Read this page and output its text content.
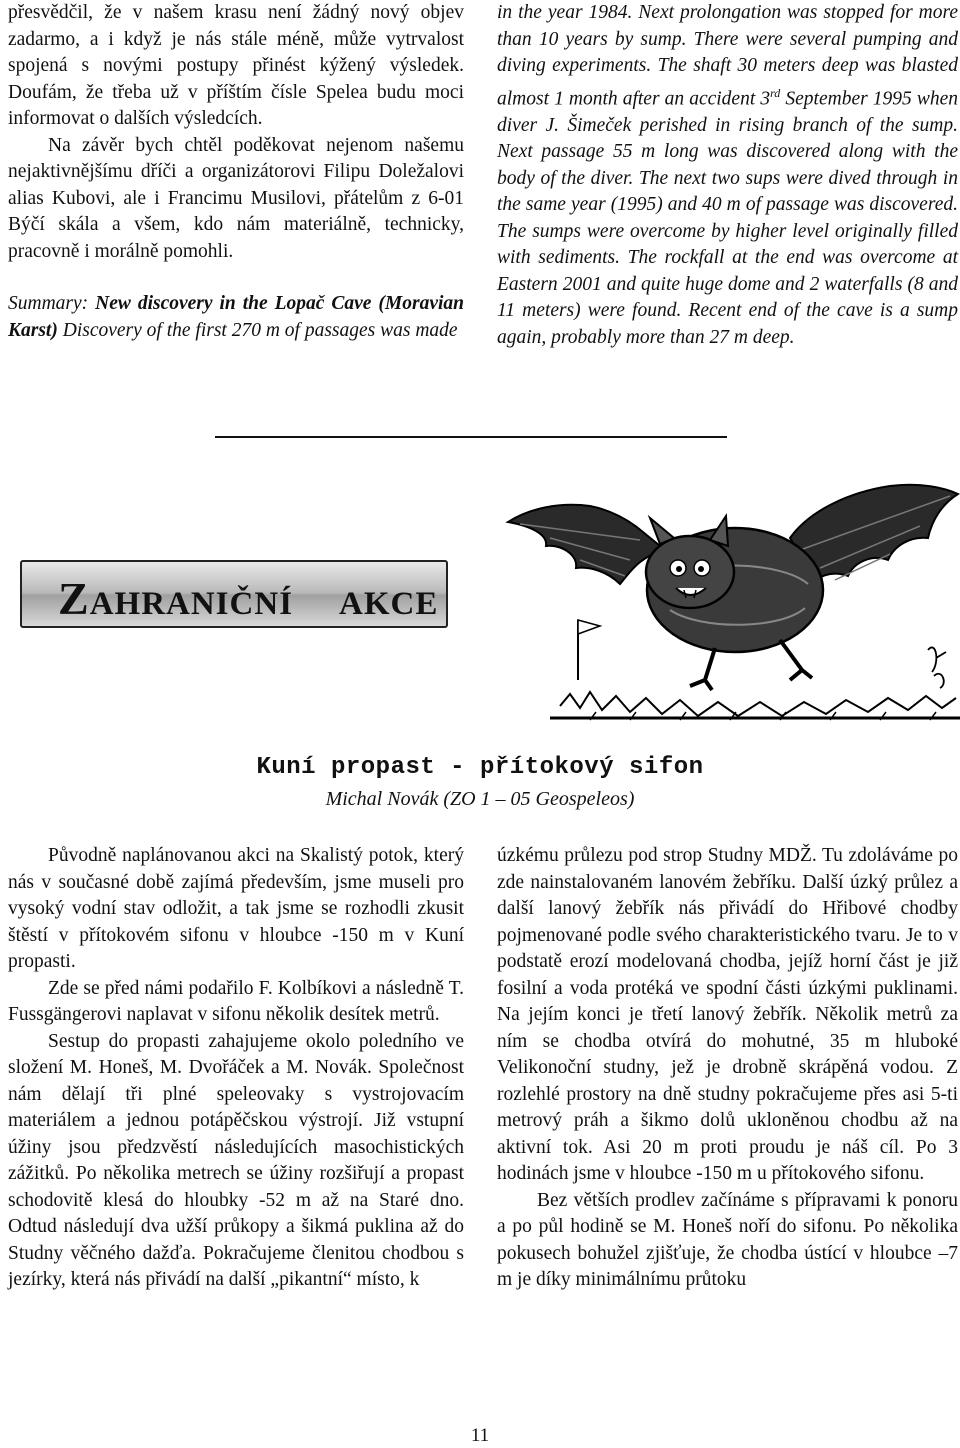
přesvědčil, že v našem krasu není žádný nový objev zadarmo, a i když je nás stále méně, může vytrvalost spojená s novými postupy přinést kýžený výsledek. Doufám, že třeba už v příštím čísle Spelea budu moci informovat o dalších výsledcích.

Na závěr bych chtěl poděkovat nejenom našemu nejaktivnějšímu dříči a organizátorovi Filipu Doležalovi alias Kubovi, ale i Francimu Musilovi, přátelům z 6-01 Býčí skála a všem, kdo nám materiálně, technicky, pracovně i morálně pomohli.

Summary: New discovery in the Lopač Cave (Moravian Karst) Discovery of the first 270 m of passages was made

in the year 1984. Next prolongation was stopped for more than 10 years by sump. There were several pumping and diving experiments. The shaft 30 meters deep was blasted almost 1 month after an accident 3rd September 1995 when diver J. Šimeček perished in rising branch of the sump. Next passage 55 m long was discovered along with the body of the diver. The next two sups were dived through in the same year (1995) and 40 m of passage was discovered. The sumps were overcome by higher level originally filled with sediments. The rockfall at the end was overcome at Eastern 2001 and quite huge dome and 2 waterfalls (8 and 11 meters) were found. Recent end of the cave is a sump again, probably more than 27 m deep.

ZAHRANIČNÍ AKCE
Kuní propast - přítokový sifon

Michal Novák (ZO 1 – 05 Geospeleos)

Původně naplánovanou akci na Skalistý potok, který nás v současné době zajímá především, jsme museli pro vysoký vodní stav odložit, a tak jsme se rozhodli zkusit štěstí v přítokovém sifonu v hloubce -150 m v Kuní propasti.

Zde se před námi podařilo F. Kolbíkovi a následně T. Fussgängerovi naplavat v sifonu několik desítek metrů.

Sestup do propasti zahajujeme okolo poledního ve složení M. Honeš, M. Dvořáček a M. Novák. Společnost nám dělají tři plné speleovaky s vystrojovacím materiálem a jednou potápěčskou výstrojí. Již vstupní úžiny jsou předzvěstí následujících masochistických zážitků. Po několika metrech se úžiny rozšiřují a propast schodovitě klesá do hloubky -52 m až na Staré dno. Odtud následují dva užší průkopy a šikmá puklina až do Studny věčného dažďa. Pokračujeme členitou chodbou s jezírky, která nás přivádí na další „pikantní“ místo, k

úzkému průlezu pod strop Studny MDŽ. Tu zdoláváme po zde nainstalovaném lanovém žebříku. Další úzký průlez a další lanový žebřík nás přivádí do Hřibové chodby pojmenované podle svého charakteristického tvaru. Je to v podstatě erozí modelovaná chodba, jejíž horní část je již fosilní a voda protéká ve spodní části úzkými puklinami. Na jejím konci je třetí lanový žebřík. Několik metrů za ním se chodba otvírá do mohutné, 35 m hluboké Velikonoční studny, jež je drobně skrápěná vodou. Z rozlehlé prostory na dně studny pokračujeme přes asi 5-ti metrový práh a šikmo dolů ukloněnou chodbu až na aktivní tok. Asi 20 m proti proudu je náš cíl. Po 3 hodinách jsme v hloubce -150 m u přítokového sifonu.

Bez větších prodlev začínáme s přípravami k ponoru a po půl hodině se M. Honeš noří do sifonu. Po několika pokusech bohužel zjišťuje, že chodba ústící v hloubce –7 m je díky minimálnímu průtoku

11
